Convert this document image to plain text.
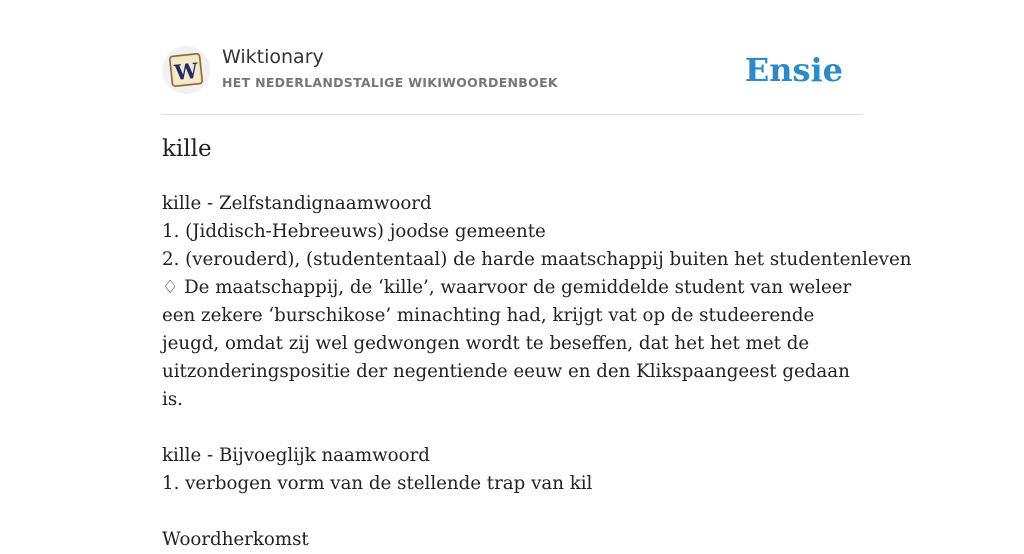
W
Wiktionary
HET NEDERLANDSTALIGE WIKIWOORDENBOEK	Ensie
kille
kille - Zelfstandignaamwoord
1. (Jiddisch-Hebreeuws) joodse gemeente
2. (verouderd), (studententaal) de harde maatschappij buiten het studentenleven
♢ De maatschappij, de ‘kille’, waarvoor de gemiddelde student van weleer een zekere ‘burschikose’ minachting had, krijgt vat op de studeerende jeugd, omdat zij wel gedwongen wordt te beseffen, dat het het met de uitzonderingspositie der negentiende eeuw en den Klikspaangeest gedaan is.
kille - Bijvoeglijk naamwoord
1. verbogen vorm van de stellende trap van kil
Woordherkomst
